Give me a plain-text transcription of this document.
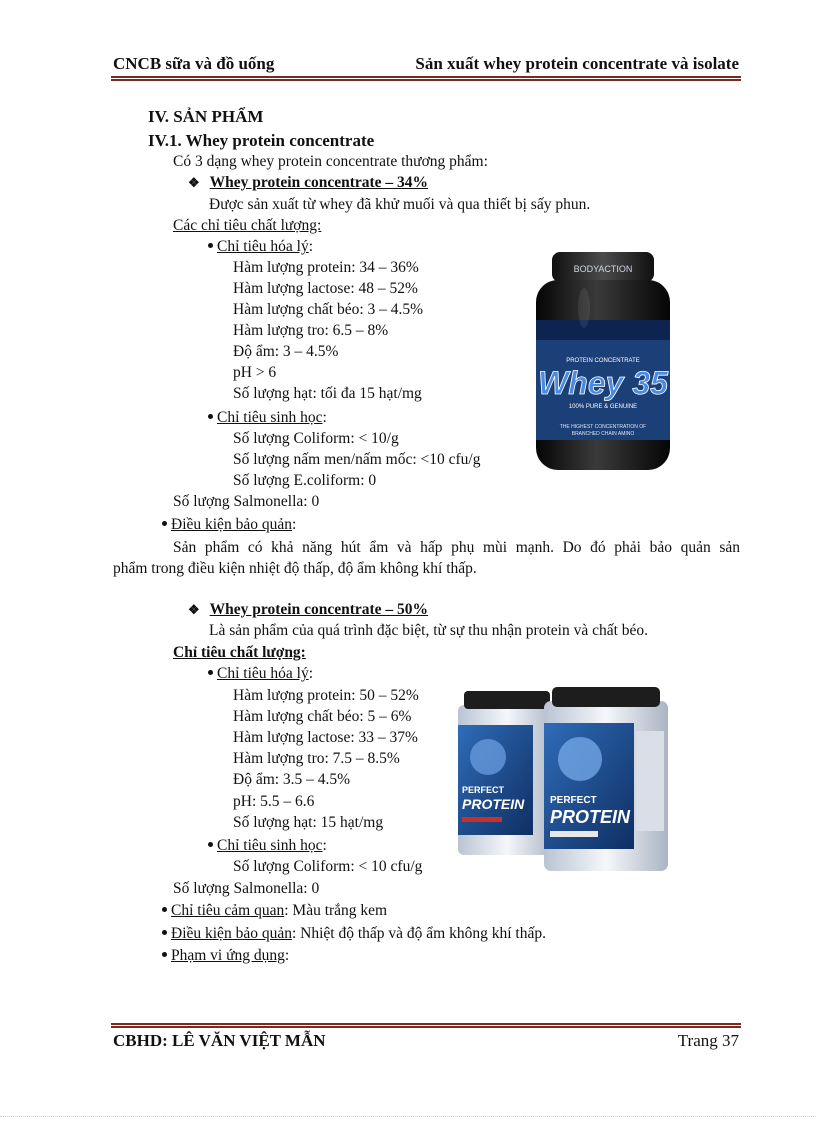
CNCB sữa và đồ uống	Sản xuất whey protein concentrate và isolate
IV. SẢN PHẨM
IV.1. Whey protein concentrate
Có 3 dạng whey protein concentrate thương phẩm:
❖ Whey protein concentrate – 34%
Được sản xuất từ whey đã khử muối và qua thiết bị sấy phun.
Các chỉ tiêu chất lượng:
Chỉ tiêu hóa lý:
Hàm lượng protein: 34 – 36%
Hàm lượng lactose: 48 – 52%
Hàm lượng chất béo: 3 – 4.5%
Hàm lượng tro: 6.5 – 8%
Độ ẩm: 3 – 4.5%
pH > 6
Số lượng hạt: tối đa 15 hạt/mg
Chỉ tiêu sinh học:
Số lượng Coliform: < 10/g
Số lượng nấm men/nấm mốc: <10 cfu/g
Số lượng E.coliform: 0
Số lượng Salmonella: 0
Điều kiện bảo quản:
Sản phẩm có khả năng hút ẩm và hấp phụ mùi mạnh. Do đó phải bảo quản sản
phẩm trong điều kiện nhiệt độ thấp, độ ẩm không khí thấp.
BODYACTION
PROTEIN CONCENTRATE
Whey 35
100% PURE & GENUINE
THE HIGHEST CONCENTRATION OF
BRANCHED CHAIN AMINO
❖ Whey protein concentrate – 50%
Là sản phẩm của quá trình đặc biệt, từ sự thu nhận protein và chất béo.
Chỉ tiêu chất lượng:
Chỉ tiêu hóa lý:
Hàm lượng protein: 50 – 52%
Hàm lượng chất béo: 5 – 6%
Hàm lượng lactose: 33 – 37%
Hàm lượng tro: 7.5 – 8.5%
Độ ẩm: 3.5 – 4.5%
pH: 5.5 – 6.6
Số lượng hạt: 15 hạt/mg
Chỉ tiêu sinh học:
Số lượng Coliform: < 10 cfu/g
Số lượng Salmonella: 0
Chỉ tiêu cảm quan: Màu trắng kem
Điều kiện bảo quản: Nhiệt độ thấp và độ ẩm không khí thấp.
Phạm vi ứng dụng:
PERFECT
PROTEIN	PERFECT
PROTEIN
CBHD: LÊ VĂN VIỆT MẪN	Trang 37
